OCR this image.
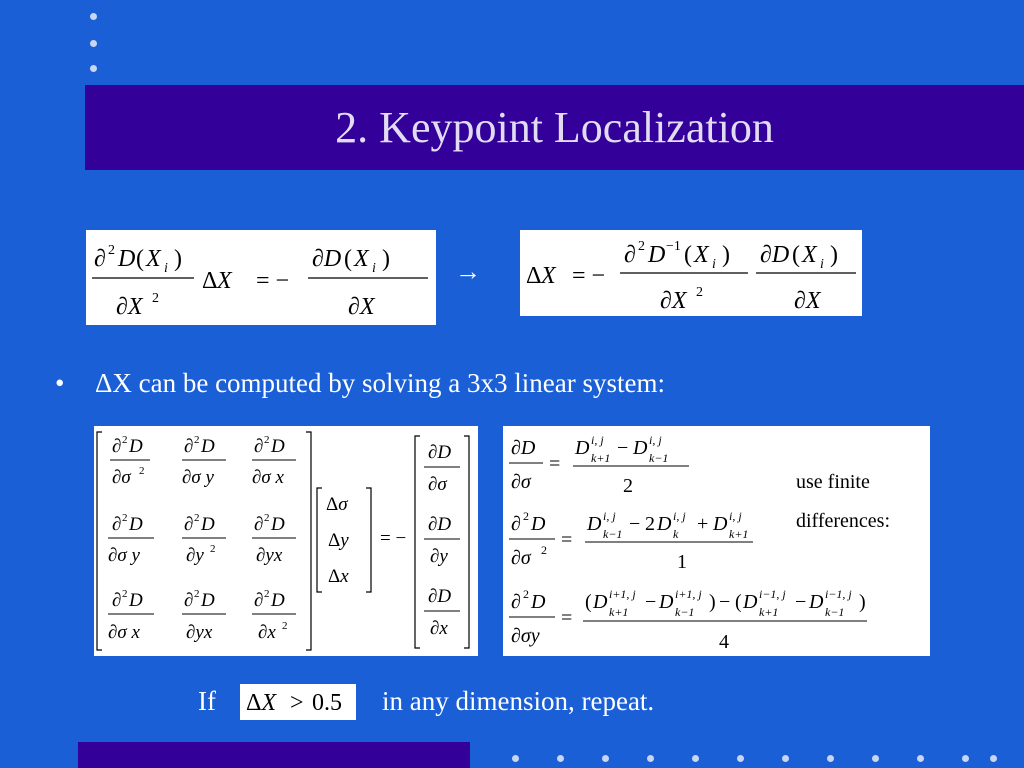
2. Keypoint Localization
∂ 2 D ( X i )
∂X 2
Δ X = −
∂D ( X i )
∂X
→ Δ X = −
∂ 2 D −1 ( X i )
∂X 2
∂D ( X i )
∂X
• ΔX can be computed by solving a 3x3 linear system:
∂ 2 D
∂σ 2
∂ 2 D
∂σ y
∂ 2 D
∂σ x
∂ 2 D
∂σ y
∂ 2 D
∂y 2
∂ 2 D
∂yx
∂ 2 D
∂σ x
∂ 2 D
∂yx
∂ 2 D
∂x 2
Δσ
Δy
Δx
= −
∂D
∂σ
∂D
∂y
∂D
∂x
∂D
∂σ
=
D i, j
k+1 − D i, j
k−1
2
∂ 2 D
∂σ 2 =
D i, j
k−1 − 2 D i, j
k + D i, j
k+1
1
∂ 2 D
∂σy
=
( D i+1, j
k+1 − D i+1, j
k−1 ) − ( D i−1, j
k+1 − D i−1, j
k−1 )
4
use finite
differences:
If ΔX > 0.5 in any dimension, repeat.
